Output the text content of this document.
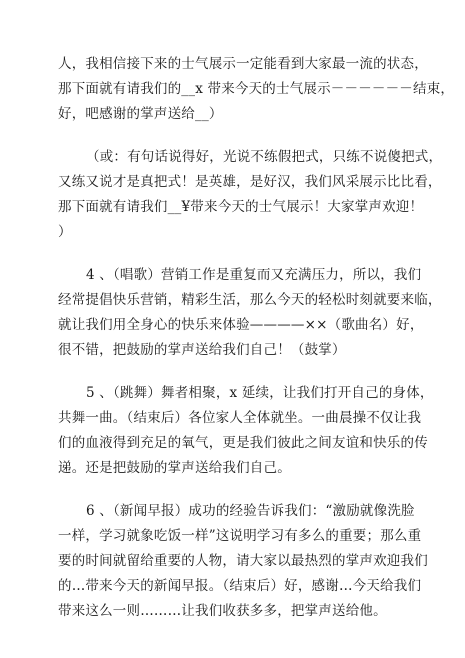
人，我相信接下来的士气展示一定能看到大家最一流的状态，
那下面就有请我们的__x 带来今天的士气展示－－－－－－结束，
好，吧感谢的掌声送给__）

（或：有句话说得好，光说不练假把式，只练不说傻把式，
又练又说才是真把式！是英雄，是好汉，我们风采展示比比看，
那下面就有请我们__¥带来今天的士气展示！大家掌声欢迎！
）

4 、（唱歌）营销工作是重复而又充满压力，所以，我们
经常提倡快乐营销，精彩生活，那么今天的轻松时刻就要来临，
就让我们用全身心的快乐来体验————××（歌曲名）好，
很不错，把鼓励的掌声送给我们自己！（鼓掌）

5 、（跳舞）舞者相聚，x 延续，让我们打开自己的身体，
共舞一曲。（结束后）各位家人全体就坐。一曲晨操不仅让我
们的血液得到充足的氧气，更是我们彼此之间友谊和快乐的传
递。还是把鼓励的掌声送给我们自己。

6 、（新闻早报）成功的经验告诉我们：“激励就像洗脸
一样，学习就象吃饭一样”这说明学习有多么的重要；那么重
要的时间就留给重要的人物，请大家以最热烈的掌声欢迎我们
的…带来今天的新闻早报。（结束后）好，感谢…今天给我们
带来这么一则………让我们收获多多，把掌声送给他。
